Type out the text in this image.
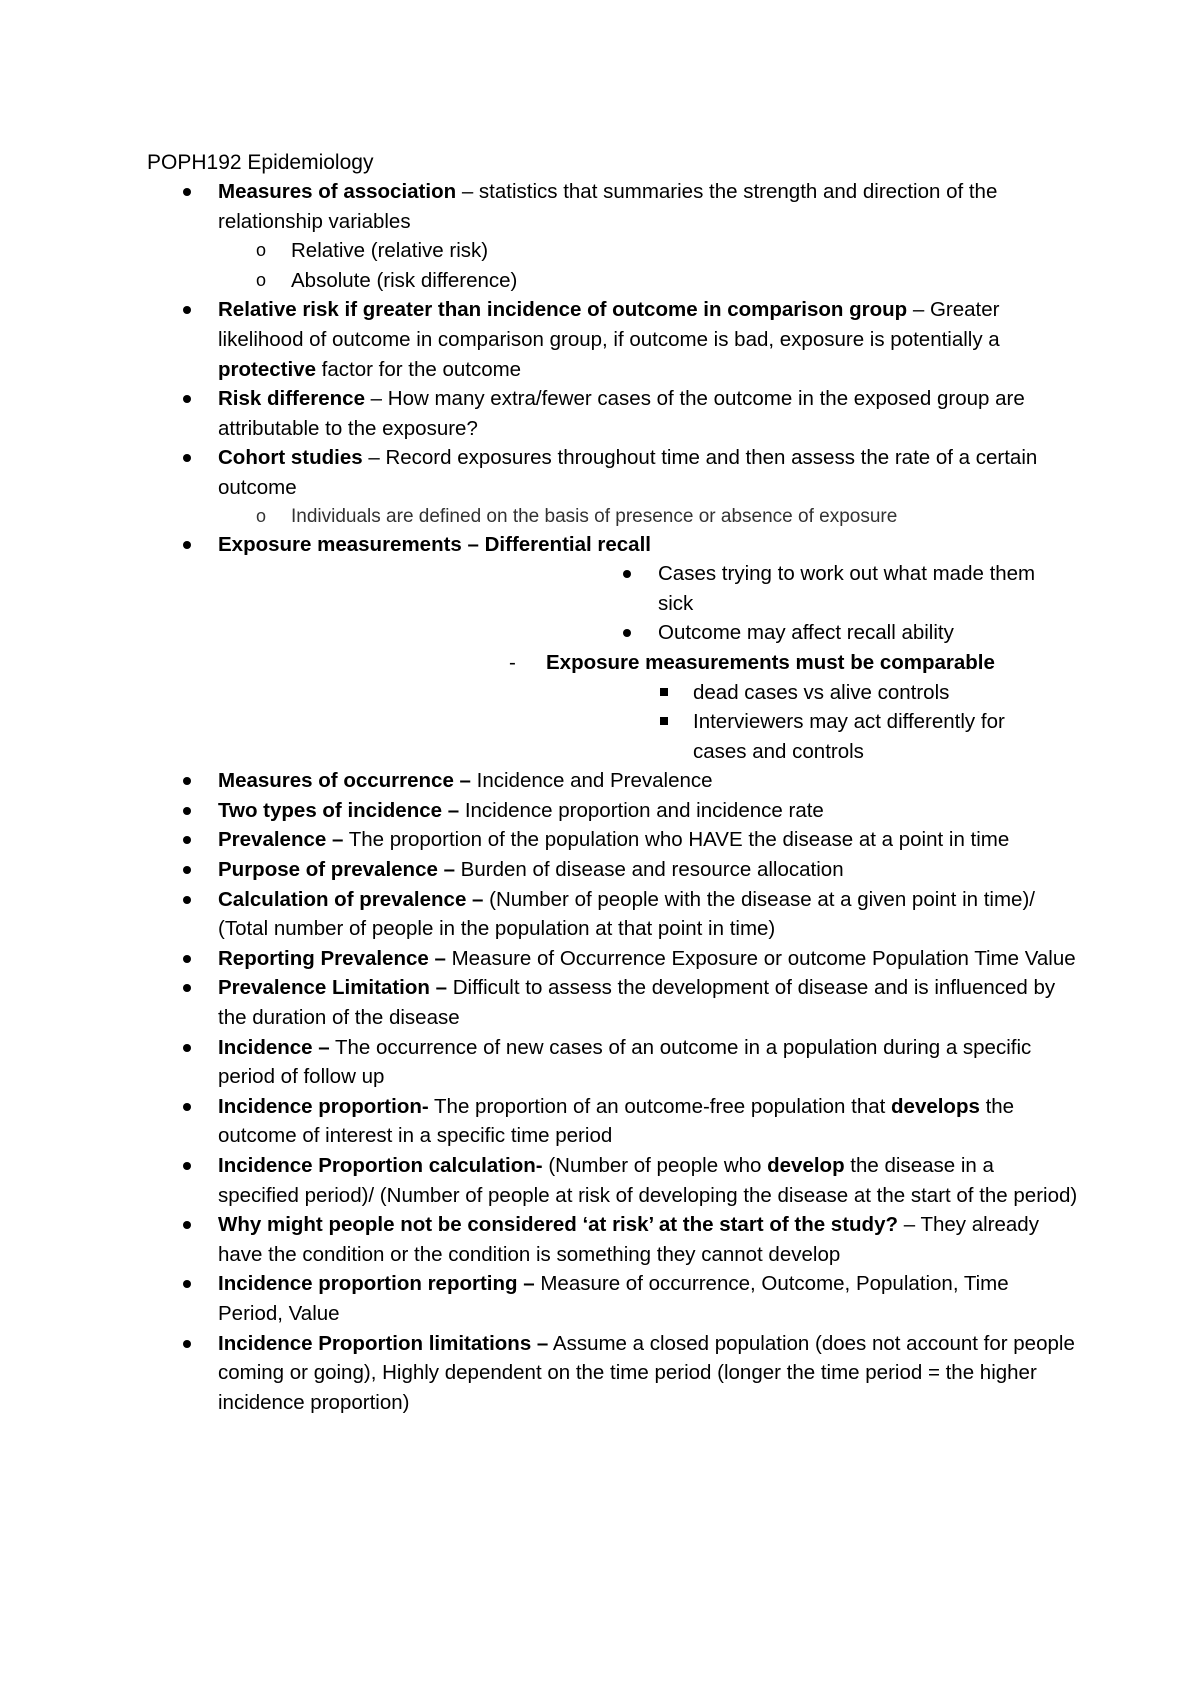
POPH192 Epidemiology
Measures of association – statistics that summaries the strength and direction of the relationship variables
o Relative (relative risk)
o Absolute (risk difference)
Relative risk if greater than incidence of outcome in comparison group – Greater likelihood of outcome in comparison group, if outcome is bad, exposure is potentially a protective factor for the outcome
Risk difference – How many extra/fewer cases of the outcome in the exposed group are attributable to the exposure?
Cohort studies – Record exposures throughout time and then assess the rate of a certain outcome
o Individuals are defined on the basis of presence or absence of exposure
Exposure measurements – Differential recall
Cases trying to work out what made them sick
Outcome may affect recall ability
- Exposure measurements must be comparable
dead cases vs alive controls
Interviewers may act differently for cases and controls
Measures of occurrence – Incidence and Prevalence
Two types of incidence – Incidence proportion and incidence rate
Prevalence – The proportion of the population who HAVE the disease at a point in time
Purpose of prevalence – Burden of disease and resource allocation
Calculation of prevalence – (Number of people with the disease at a given point in time)/ (Total number of people in the population at that point in time)
Reporting Prevalence – Measure of Occurrence Exposure or outcome Population Time Value
Prevalence Limitation – Difficult to assess the development of disease and is influenced by the duration of the disease
Incidence – The occurrence of new cases of an outcome in a population during a specific period of follow up
Incidence proportion- The proportion of an outcome-free population that develops the outcome of interest in a specific time period
Incidence Proportion calculation- (Number of people who develop the disease in a specified period)/ (Number of people at risk of developing the disease at the start of the period)
Why might people not be considered ‘at risk’ at the start of the study? – They already have the condition or the condition is something they cannot develop
Incidence proportion reporting – Measure of occurrence, Outcome, Population, Time Period, Value
Incidence Proportion limitations – Assume a closed population (does not account for people coming or going), Highly dependent on the time period (longer the time period = the higher incidence proportion)
